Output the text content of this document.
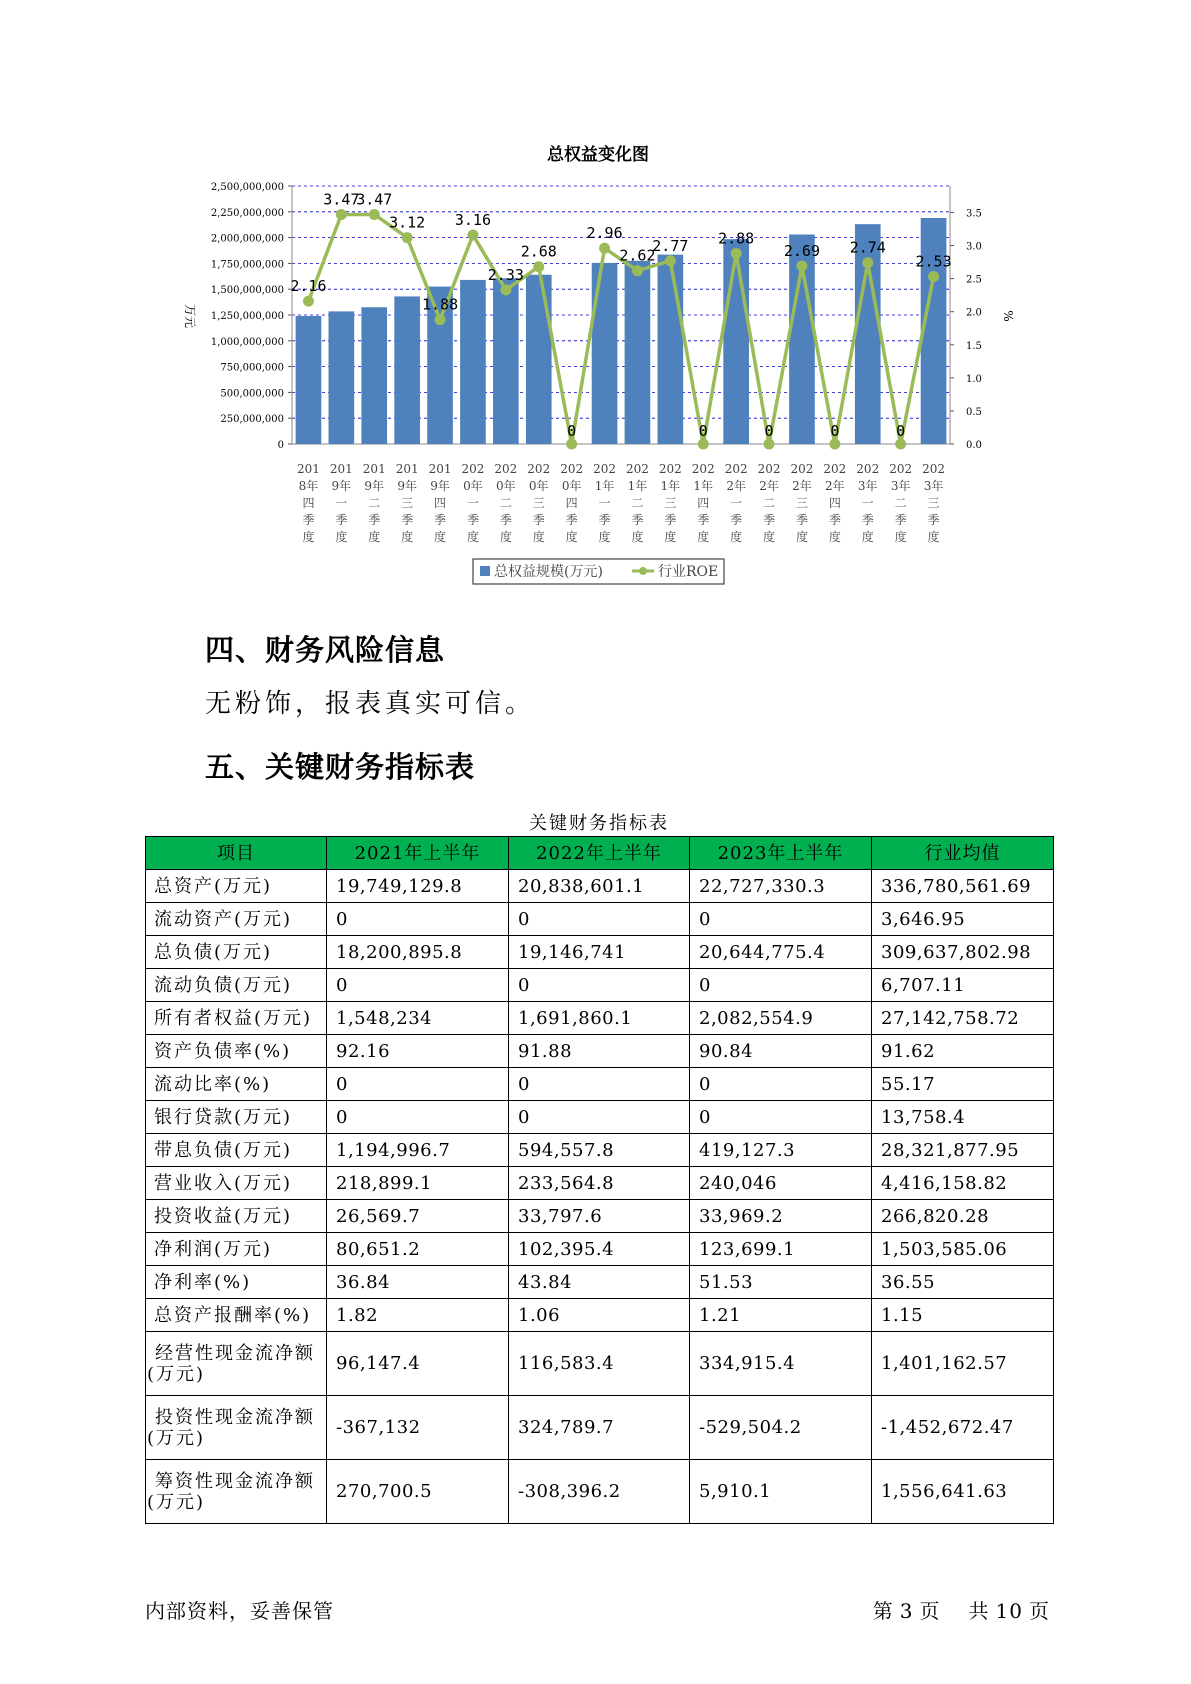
总权益变化图
2,500,000,000
2,250,000,000
2,000,000,000
1,750,000,000
1,500,000,000
1,250,000,000
1,000,000,000
750,000,000
500,000,000
250,000,000
0
3.5
3.0
2.5
2.0
1.5
1.0
0.5
0.0
万元	%
201 8年四季度
201 9年一季度
201 9年二季度
201 9年三季度
201 9年四季度
202 0年一季度
202 0年二季度
202 0年三季度
202 0年四季度
202 1年一季度
202 1年二季度
202 1年三季度
202 1年四季度
202 2年一季度
202 2年二季度
202 2年三季度
202 2年四季度
202 3年一季度
202 3年二季度
202 3年三季度
2.16
3.47
3.47
3.12
1.88
3.16
2.33
2.68
0
2.96
2.62
2.77
0
2.88
0
2.69
0
2.74
0
2.53
总权益规模(万元)	行业ROE
四、财务风险信息

无粉饰，报表真实可信。

五、关键财务指标表
关键财务指标表
项目	2021年上半年	2022年上半年	2023年上半年	行业均值
总资产(万元)	19,749,129.8	20,838,601.1	22,727,330.3	336,780,561.69
流动资产(万元)	0	0	0	3,646.95
总负债(万元)	18,200,895.8	19,146,741	20,644,775.4	309,637,802.98
流动负债(万元)	0	0	0	6,707.11
所有者权益(万元)	1,548,234	1,691,860.1	2,082,554.9	27,142,758.72
资产负债率(%)	92.16	91.88	90.84	91.62
流动比率(%)	0	0	0	55.17
银行贷款(万元)	0	0	0	13,758.4
带息负债(万元)	1,194,996.7	594,557.8	419,127.3	28,321,877.95
营业收入(万元)	218,899.1	233,564.8	240,046	4,416,158.82
投资收益(万元)	26,569.7	33,797.6	33,969.2	266,820.28
净利润(万元)	80,651.2	102,395.4	123,699.1	1,503,585.06
净利率(%)	36.84	43.84	51.53	36.55
总资产报酬率(%)	1.82	1.06	1.21	1.15
经营性现金流净额(万元)	96,147.4	116,583.4	334,915.4	1,401,162.57
投资性现金流净额(万元)	-367,132	324,789.7	-529,504.2	-1,452,672.47
筹资性现金流净额(万元)	270,700.5	-308,396.2	5,910.1	1,556,641.63
内部资料，妥善保管	第 3 页 共 10 页
